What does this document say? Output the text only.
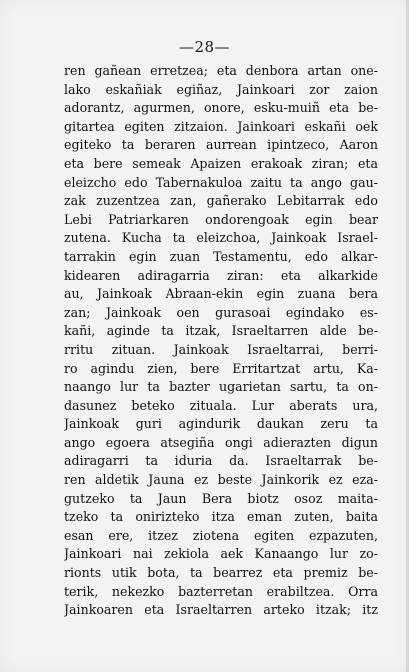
—28—
ren gañean erretzea; eta denbora artan one-
lako eskañiak egiñaz, Jainkoari zor zaion
adorantz, agurmen, onore, esku-muiñ eta be-
gitartea egiten zitzaion. Jainkoari eskañi oek
egiteko ta beraren aurrean ipintzeco, Aaron
eta bere semeak Apaizen erakoak ziran; eta
eleizcho edo Tabernakuloa zaitu ta ango gau-
zak zuzentzea zan, gañerako Lebitarrak edo
Lebi Patriarkaren ondorengoak egin bear
zutena. Kucha ta eleizchoa, Jainkoak Israel-
tarrakin egin zuan Testamentu, edo alkar-
kidearen adiragarria ziran: eta alkarkide
au, Jainkoak Abraan-ekin egin zuana bera
zan; Jainkoak oen gurasoai egindako es-
kañi, aginde ta itzak, Israeltarren alde be-
rritu zituan. Jainkoak Israeltarrai, berri-
ro agindu zien, bere Erritartzat artu, Ka-
naango lur ta bazter ugarietan sartu, ta on-
dasunez beteko zituala. Lur aberats ura,
Jainkoak guri agindurik daukan zeru ta
ango egoera atsegiña ongi adierazten digun
adiragarri ta iduria da. Israeltarrak be-
ren aldetik Jauna ez beste Jainkorik ez eza-
gutzeko ta Jaun Bera biotz osoz maita-
tzeko ta onirizteko itza eman zuten, baita
esan ere, itzez ziotena egiten ezpazuten,
Jainkoari nai zekiola aek Kanaango lur zo-
rionts utik bota, ta bearrez eta premiz be-
terik, nekezko bazterretan erabiltzea. Orra
Jainkoaren eta Israeltarren arteko itzak; itz
